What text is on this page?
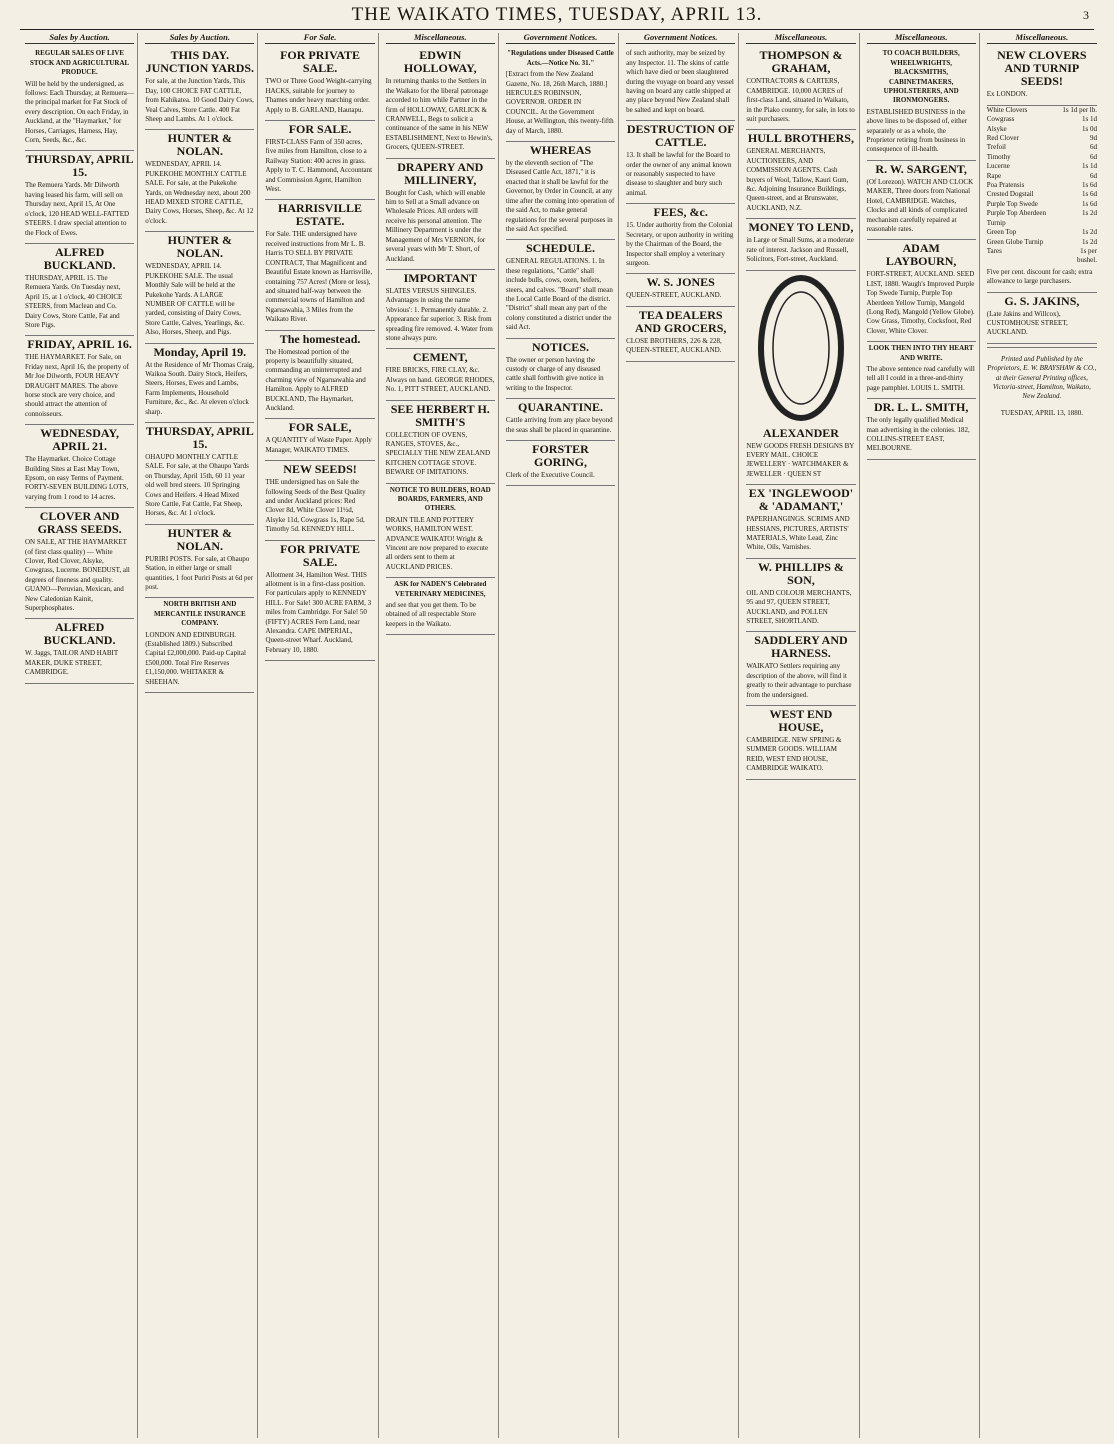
THE WAIKATO TIMES, TUESDAY, APRIL 13.	3
Sales by Auction.

REGULAR SALES OF LIVE STOCK AND AGRICULTURAL PRODUCE.

Will be held by the undersigned, as follows: Each Thursday, at Remuera—the principal market for Fat Stock of every description. On each Friday, in Auckland, at the "Haymarket," for Horses, Carriages, Harness, Hay, Corn, Seeds, &c., &c.

THURSDAY, APRIL 15.

The Remuera Yards. Mr Dilworth having leased his farm, will sell on Thursday next, April 15, At One o'clock, 120 HEAD WELL-FATTED STEERS. I draw special attention to the Flock of Ewes.

ALFRED BUCKLAND.

THURSDAY, APRIL 15. The Remuera Yards. On Tuesday next, April 15, at 1 o'clock, 40 CHOICE STEERS, from Maclean and Co. Dairy Cows, Store Cattle, Fat and Store Pigs.

FRIDAY, APRIL 16.

THE HAYMARKET. For Sale, on Friday next, April 16, the property of Mr Joe Dilworth, FOUR HEAVY DRAUGHT MARES. The above horse stock are very choice, and should attract the attention of connoisseurs.

WEDNESDAY, APRIL 21.

The Haymarket. Choice Cottage Building Sites at East May Town, Epsom, on easy Terms of Payment. FORTY-SEVEN BUILDING LOTS, varying from 1 rood to 14 acres.

CLOVER AND GRASS SEEDS.

ON SALE, AT THE HAYMARKET (of first class quality) — White Clover, Red Clover, Alsyke, Cowgrass, Lucerne. BONEDUST, all degrees of fineness and quality. GUANO—Peruvian, Mexican, and New Caledonian Kainit, Superphosphates.

ALFRED BUCKLAND.

W. Jaggs, TAILOR AND HABIT MAKER, DUKE STREET, CAMBRIDGE.

Sales by Auction.

THIS DAY. JUNCTION YARDS.

For sale, at the Junction Yards, This Day, 100 CHOICE FAT CATTLE, from Kahikatea. 10 Good Dairy Cows, Veal Calves, Store Cattle. 400 Fat Sheep and Lambs. At 1 o'clock.

HUNTER & NOLAN.

WEDNESDAY, APRIL 14. PUKEKOHE MONTHLY CATTLE SALE. For sale, at the Pukekohe Yards, on Wednesday next, about 200 HEAD MIXED STORE CATTLE, Dairy Cows, Horses, Sheep, &c. At 12 o'clock.

HUNTER & NOLAN.

WEDNESDAY, APRIL 14. PUKEKOHE SALE. The usual Monthly Sale will be held at the Pukekohe Yards. A LARGE NUMBER OF CATTLE will be yarded, consisting of Dairy Cows, Store Cattle, Calves, Yearlings, &c. Also, Horses, Sheep, and Pigs.

Monday, April 19.

At the Residence of Mr Thomas Craig, Waikoa South. Dairy Stock, Heifers, Steers, Horses, Ewes and Lambs, Farm Implements, Household Furniture, &c., &c. At eleven o'clock sharp.

THURSDAY, APRIL 15.

OHAUPO MONTHLY CATTLE SALE. For sale, at the Ohaupo Yards on Thursday, April 15th, 60 11 year old well bred steers. 10 Springing Cows and Heifers. 4 Head Mixed Store Cattle, Fat Cattle, Fat Sheep, Horses, &c. At 1 o'clock.

HUNTER & NOLAN.

PURIRI POSTS. For sale, at Ohaupo Station, in either large or small quantities, 1 foot Puriri Posts at 6d per post.

NORTH BRITISH AND MERCANTILE INSURANCE COMPANY.

LONDON AND EDINBURGH. (Established 1809.) Subscribed Capital £2,000,000. Paid-up Capital £500,000. Total Fire Reserves £1,150,000. WHITAKER & SHEEHAN.

For Sale.

FOR PRIVATE SALE.

TWO or Three Good Weight-carrying HACKS, suitable for journey to Thames under heavy marching order. Apply to B. GARLAND, Hautapu.

FOR SALE.

FIRST-CLASS Farm of 350 acres, five miles from Hamilton, close to a Railway Station: 400 acres in grass. Apply to T. C. Hammond, Accountant and Commission Agent, Hamilton West.

HARRISVILLE ESTATE.

For Sale. THE undersigned have received instructions from Mr L. B. Harris TO SELL BY PRIVATE CONTRACT, That Magnificent and Beautiful Estate known as Harrisville, containing 757 Acres! (More or less), and situated half-way between the commercial towns of Hamilton and Ngaruawahia, 3 Miles from the Waikato River.

The homestead.

The Homestead portion of the property is beautifully situated, commanding an uninterrupted and charming view of Ngaruawahia and Hamilton. Apply to ALFRED BUCKLAND, The Haymarket, Auckland.

FOR SALE,

A QUANTITY of Waste Paper. Apply Manager, WAIKATO TIMES.

NEW SEEDS!

THE undersigned has on Sale the following Seeds of the Best Quality and under Auckland prices: Red Clover 8d, White Clover 11½d, Alsyke 11d, Cowgrass 1s, Rape 5d, Timothy 5d. KENNEDY HILL.

FOR PRIVATE SALE.

Allotment 34, Hamilton West. THIS allotment is in a first-class position. For particulars apply to KENNEDY HILL. For Sale! 300 ACRE FARM, 3 miles from Cambridge. For Sale! 50 (FIFTY) ACRES Fern Land, near Alexandra. CAPE IMPERIAL, Queen-street Wharf. Auckland, February 10, 1880.

Miscellaneous.

EDWIN HOLLOWAY,

In returning thanks to the Settlers in the Waikato for the liberal patronage accorded to him while Partner in the firm of HOLLOWAY, GARLICK & CRANWELL, Begs to solicit a continuance of the same in his NEW ESTABLISHMENT, Next to Hewin's, Grocers, QUEEN-STREET.

DRAPERY AND MILLINERY,

Bought for Cash, which will enable him to Sell at a Small advance on Wholesale Prices. All orders will receive his personal attention. The Millinery Department is under the Management of Mrs VERNON, for several years with Mr T. Short, of Auckland.

IMPORTANT

SLATES VERSUS SHINGLES. Advantages in using the name 'obvious': 1. Permanently durable. 2. Appearance far superior. 3. Risk from spreading fire removed. 4. Water from stone always pure.

CEMENT,

FIRE BRICKS, FIRE CLAY, &c. Always on hand. GEORGE RHODES, No. 1, PITT STREET, AUCKLAND.

SEE HERBERT H. SMITH'S

COLLECTION OF OVENS, RANGES, STOVES, &c., SPECIALLY THE NEW ZEALAND KITCHEN COTTAGE STOVE. BEWARE OF IMITATIONS.

NOTICE TO BUILDERS, ROAD BOARDS, FARMERS, AND OTHERS.

DRAIN TILE AND POTTERY WORKS, HAMILTON WEST. ADVANCE WAIKATO! Wright & Vincent are now prepared to execute all orders sent to them at AUCKLAND PRICES.

ASK for NADEN'S Celebrated VETERINARY MEDICINES,

and see that you get them. To be obtained of all respectable Store keepers in the Waikato.

Government Notices.

"Regulations under Diseased Cattle Acts.—Notice No. 31."

[Extract from the New Zealand Gazette, No. 18, 26th March, 1880.] HERCULES ROBINSON, GOVERNOR. ORDER IN COUNCIL. At the Government House, at Wellington, this twenty-fifth day of March, 1880.

WHEREAS

by the eleventh section of "The Diseased Cattle Act, 1871," it is enacted that it shall be lawful for the Governor, by Order in Council, at any time after the coming into operation of the said Act, to make general regulations for the several purposes in the said Act specified.

SCHEDULE.

GENERAL REGULATIONS. 1. In these regulations, "Cattle" shall include bulls, cows, oxen, heifers, steers, and calves. "Board" shall mean the Local Cattle Board of the district. "District" shall mean any part of the colony constituted a district under the said Act.

NOTICES.

The owner or person having the custody or charge of any diseased cattle shall forthwith give notice in writing to the Inspector.

QUARANTINE.

Cattle arriving from any place beyond the seas shall be placed in quarantine.

FORSTER GORING,

Clerk of the Executive Council.

Government Notices.

of such authority, may be seized by any Inspector. 11. The skins of cattle which have died or been slaughtered during the voyage on board any vessel having on board any cattle shipped at any place beyond New Zealand shall be salted and kept on board.

DESTRUCTION OF CATTLE.

13. It shall be lawful for the Board to order the owner of any animal known or reasonably suspected to have disease to slaughter and bury such animal.

FEES, &c.

15. Under authority from the Colonial Secretary, or upon authority in writing by the Chairman of the Board, the Inspector shall employ a veterinary surgeon.

W. S. JONES

QUEEN-STREET, AUCKLAND.

TEA DEALERS AND GROCERS,

CLOSE BROTHERS, 226 & 228, QUEEN-STREET, AUCKLAND.

Miscellaneous.

THOMPSON & GRAHAM,

CONTRACTORS & CARTERS, CAMBRIDGE. 10,000 ACRES of first-class Land, situated in Waikato, in the Piako country, for sale, in lots to suit purchasers.

HULL BROTHERS,

GENERAL MERCHANTS, AUCTIONEERS, AND COMMISSION AGENTS. Cash buyers of Wool, Tallow, Kauri Gum, &c. Adjoining Insurance Buildings, Queen-street, and at Brunswater, AUCKLAND, N.Z.

MONEY TO LEND,

in Large or Small Sums, at a moderate rate of interest. Jackson and Russell, Solicitors, Fort-street, Auckland.

ALEXANDER

NEW GOODS FRESH DESIGNS BY EVERY MAIL. CHOICE JEWELLERY · WATCHMAKER & JEWELLER · QUEEN ST

EX 'INGLEWOOD' & 'ADAMANT,'

PAPERHANGINGS. SCRIMS AND HESSIANS, PICTURES, ARTISTS' MATERIALS, White Lead, Zinc White, Oils, Varnishes.

W. PHILLIPS & SON,

OIL AND COLOUR MERCHANTS, 95 and 97, QUEEN STREET, AUCKLAND, and POLLEN STREET, SHORTLAND.

SADDLERY AND HARNESS.

WAIKATO Settlers requiring any description of the above, will find it greatly to their advantage to purchase from the undersigned.

WEST END HOUSE,

CAMBRIDGE. NEW SPRING & SUMMER GOODS. WILLIAM REID, WEST END HOUSE, CAMBRIDGE WAIKATO.

Miscellaneous.

TO COACH BUILDERS, WHEELWRIGHTS, BLACKSMITHS, CABINETMAKERS, UPHOLSTERERS, AND IRONMONGERS.

ESTABLISHED BUSINESS in the above lines to be disposed of, either separately or as a whole, the Proprietor retiring from business in consequence of ill-health.

R. W. SARGENT,

(Of Lorezon). WATCH AND CLOCK MAKER, Three doors from National Hotel, CAMBRIDGE. Watches, Clocks and all kinds of complicated mechanism carefully repaired at reasonable rates.

ADAM LAYBOURN,

FORT-STREET, AUCKLAND. SEED LIST, 1880. Waugh's Improved Purple Top Swede Turnip, Purple Top Aberdeen Yellow Turnip, Mangold (Long Red), Mangold (Yellow Globe). Cow Grass, Timothy, Cocksfoot, Red Clover, White Clover.

LOOK THEN INTO THY HEART AND WRITE.

The above sentence read carefully will tell all I could in a three-and-thirty page pamphlet. LOUIS L. SMITH.

DR. L. L. SMITH,

The only legally qualified Medical man advertising in the colonies. 182, COLLINS-STREET EAST, MELBOURNE.

Miscellaneous.

NEW CLOVERS AND TURNIP SEEDS!

Ex LONDON.

White Clovers	1s 1d per lb.
Cowgrass	1s 1d
Alsyke	1s 0d
Red Clover	9d
Trefoil	6d
Timothy	6d
Lucerne	1s 1d
Rape	6d
Poa Pratensis	1s 6d
Crested Dogstail	1s 6d
Purple Top Swede	1s 6d
Purple Top Aberdeen Turnip	1s 2d
Green Top	1s 2d
Green Globe Turnip	1s 2d
Tares	1s per bushel.

Five per cent. discount for cash; extra allowance to large purchasers.

G. S. JAKINS,

(Late Jakins and Willcox), CUSTOMHOUSE STREET, AUCKLAND.

Printed and Published by the Proprietors, E. W. BRAYSHAW & CO., at their General Printing offices, Victoria-street, Hamilton, Waikato, New Zealand.

TUESDAY, APRIL 13, 1880.
